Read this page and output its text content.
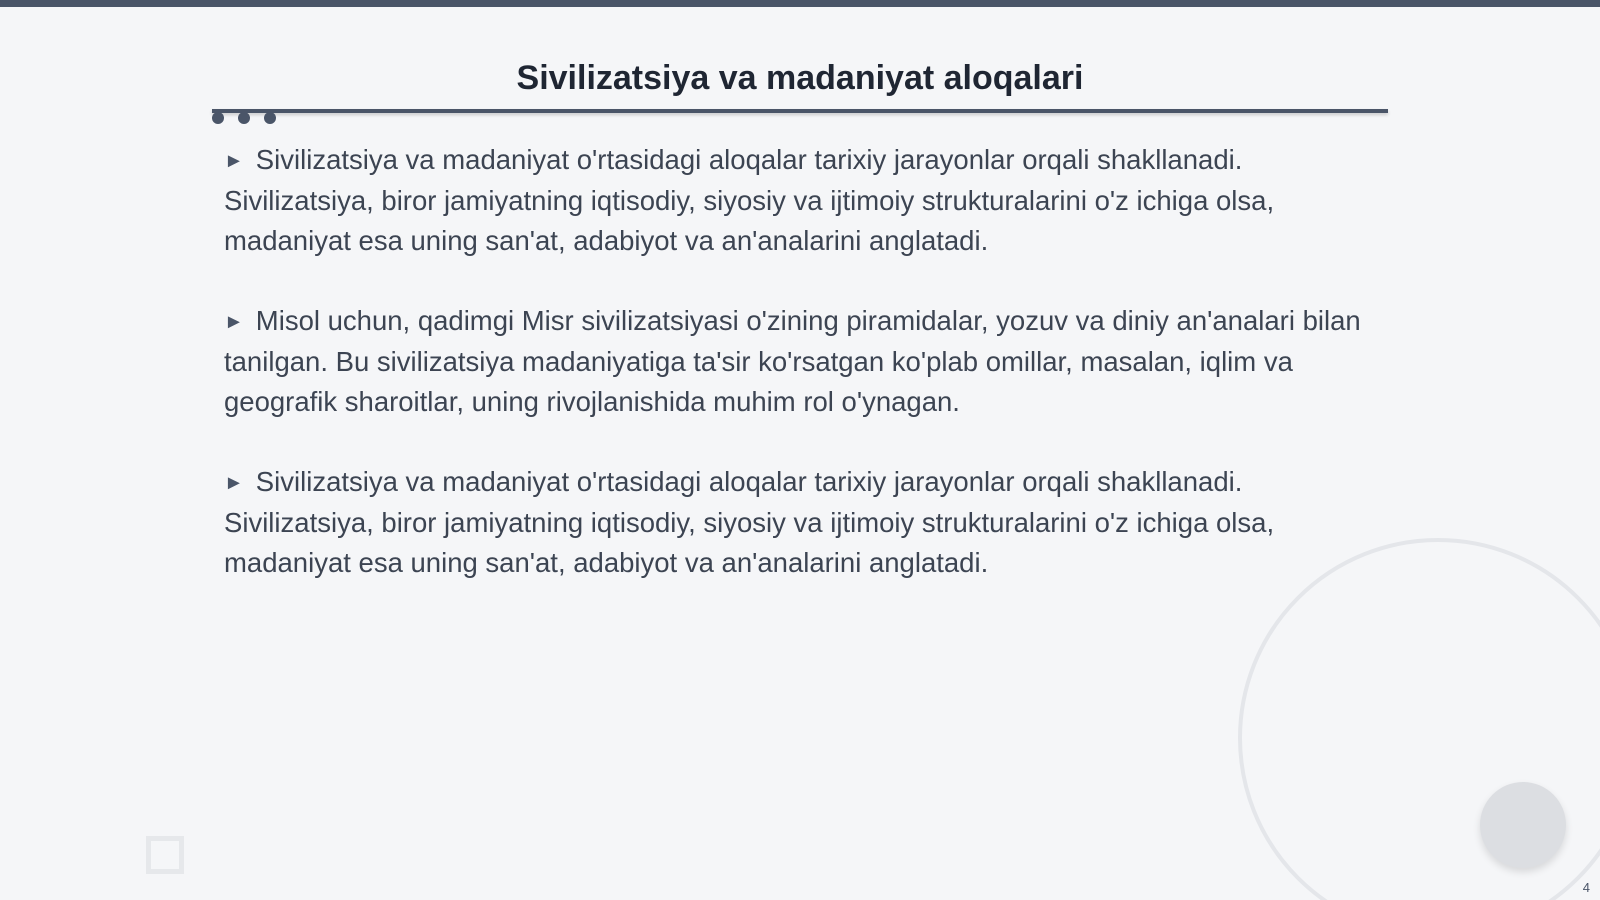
Sivilizatsiya va madaniyat aloqalari

► Sivilizatsiya va madaniyat o'rtasidagi aloqalar tarixiy jarayonlar orqali shakllanadi. Sivilizatsiya, biror jamiyatning iqtisodiy, siyosiy va ijtimoiy strukturalarini o'z ichiga olsa, madaniyat esa uning san'at, adabiyot va an'analarini anglatadi.

► Misol uchun, qadimgi Misr sivilizatsiyasi o'zining piramidalar, yozuv va diniy an'analari bilan tanilgan. Bu sivilizatsiya madaniyatiga ta'sir ko'rsatgan ko'plab omillar, masalan, iqlim va geografik sharoitlar, uning rivojlanishida muhim rol o'ynagan.

► Sivilizatsiya va madaniyat o'rtasidagi aloqalar tarixiy jarayonlar orqali shakllanadi. Sivilizatsiya, biror jamiyatning iqtisodiy, siyosiy va ijtimoiy strukturalarini o'z ichiga olsa, madaniyat esa uning san'at, adabiyot va an'analarini anglatadi.

4
